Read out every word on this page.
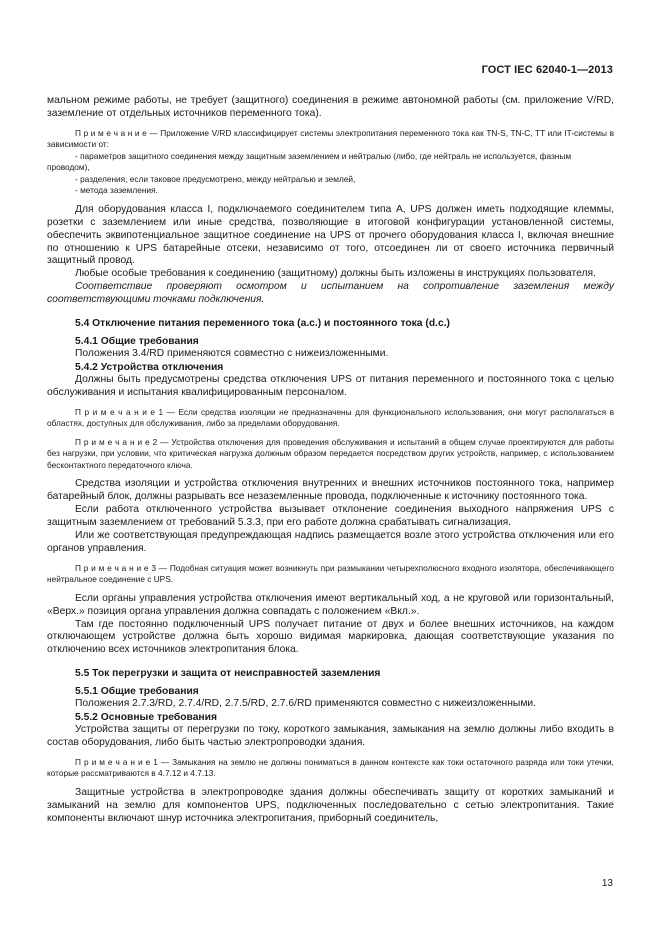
ГОСТ IEC 62040-1—2013

мальном режиме работы, не требует (защитного) соединения в режиме автономной работы (см. приложение V/RD, заземление от отдельных источников переменного тока).

П р и м е ч а н и е — Приложение V/RD классифицирует системы электропитания переменного тока как TN-S, TN-C, TT или IT-системы в зависимости от:

- параметров защитного соединения между защитным заземлением и нейтралью (либо, где нейтраль не используется, фазным проводом),

- разделения, если таковое предусмотрено, между нейтралью и землей,

- метода заземления.

Для оборудования класса I, подключаемого соединителем типа А, UPS должен иметь подходящие клеммы, розетки с заземлением или иные средства, позволяющие в итоговой конфигурации установленной системы, обеспечить эквипотенциальное защитное соединение на UPS от прочего оборудования класса I, включая внешние по отношению к UPS батарейные отсеки, независимо от того, отсоединен ли от своего источника первичный защитный провод.

Любые особые требования к соединению (защитному) должны быть изложены в инструкциях пользователя.

Соответствие проверяют осмотром и испытанием на сопротивление заземления между соответствующими точками подключения.

5.4 Отключение питания переменного тока (a.c.) и постоянного тока (d.c.)

5.4.1 Общие требования

Положения 3.4/RD применяются совместно с нижеизложенными.

5.4.2 Устройства отключения

Должны быть предусмотрены средства отключения UPS от питания переменного и постоянного тока с целью обслуживания и испытания квалифицированным персоналом.

П р и м е ч а н и е 1 — Если средства изоляции не предназначены для функционального использования, они могут располагаться в областях, доступных для обслуживания, либо за пределами оборудования.

П р и м е ч а н и е 2 — Устройства отключения для проведения обслуживания и испытаний в общем случае проектируются для работы без нагрузки, при условии, что критическая нагрузка должным образом передается посредством других устройств, например, с использованием бесконтактного передаточного ключа.

Средства изоляции и устройства отключения внутренних и внешних источников постоянного тока, например батарейный блок, должны разрывать все незаземленные провода, подключенные к источнику постоянного тока.

Если работа отключенного устройства вызывает отклонение соединения выходного напряжения UPS с защитным заземлением от требований 5.3.3, при его работе должна срабатывать сигнализация.

Или же соответствующая предупреждающая надпись размещается возле этого устройства отключения или его органов управления.

П р и м е ч а н и е 3 — Подобная ситуация может возникнуть при размыкании четырехполюсного входного изолятора, обеспечивающего нейтральное соединение с UPS.

Если органы управления устройства отключения имеют вертикальный ход, а не круговой или горизонтальный, «Верх.» позиция органа управления должна совпадать с положением «Вкл.».

Там где постоянно подключенный UPS получает питание от двух и более внешних источников, на каждом отключающем устройстве должна быть хорошо видимая маркировка, дающая соответствующие указания по отключению всех источников электропитания блока.

5.5 Ток перегрузки и защита от неисправностей заземления

5.5.1 Общие требования

Положения 2.7.3/RD, 2.7.4/RD, 2.7.5/RD, 2.7.6/RD применяются совместно с нижеизложенными.

5.5.2 Основные требования

Устройства защиты от перегрузки по току, короткого замыкания, замыкания на землю должны либо входить в состав оборудования, либо быть частью электропроводки здания.

П р и м е ч а н и е 1 — Замыкания на землю не должны пониматься в данном контексте как токи остаточного разряда или токи утечки, которые рассматриваются в 4.7.12 и 4.7.13.

Защитные устройства в электропроводке здания должны обеспечивать защиту от коротких замыканий и замыканий на землю для компонентов UPS, подключенных последовательно с сетью электропитания. Такие компоненты включают шнур источника электропитания, приборный соединитель,

13
